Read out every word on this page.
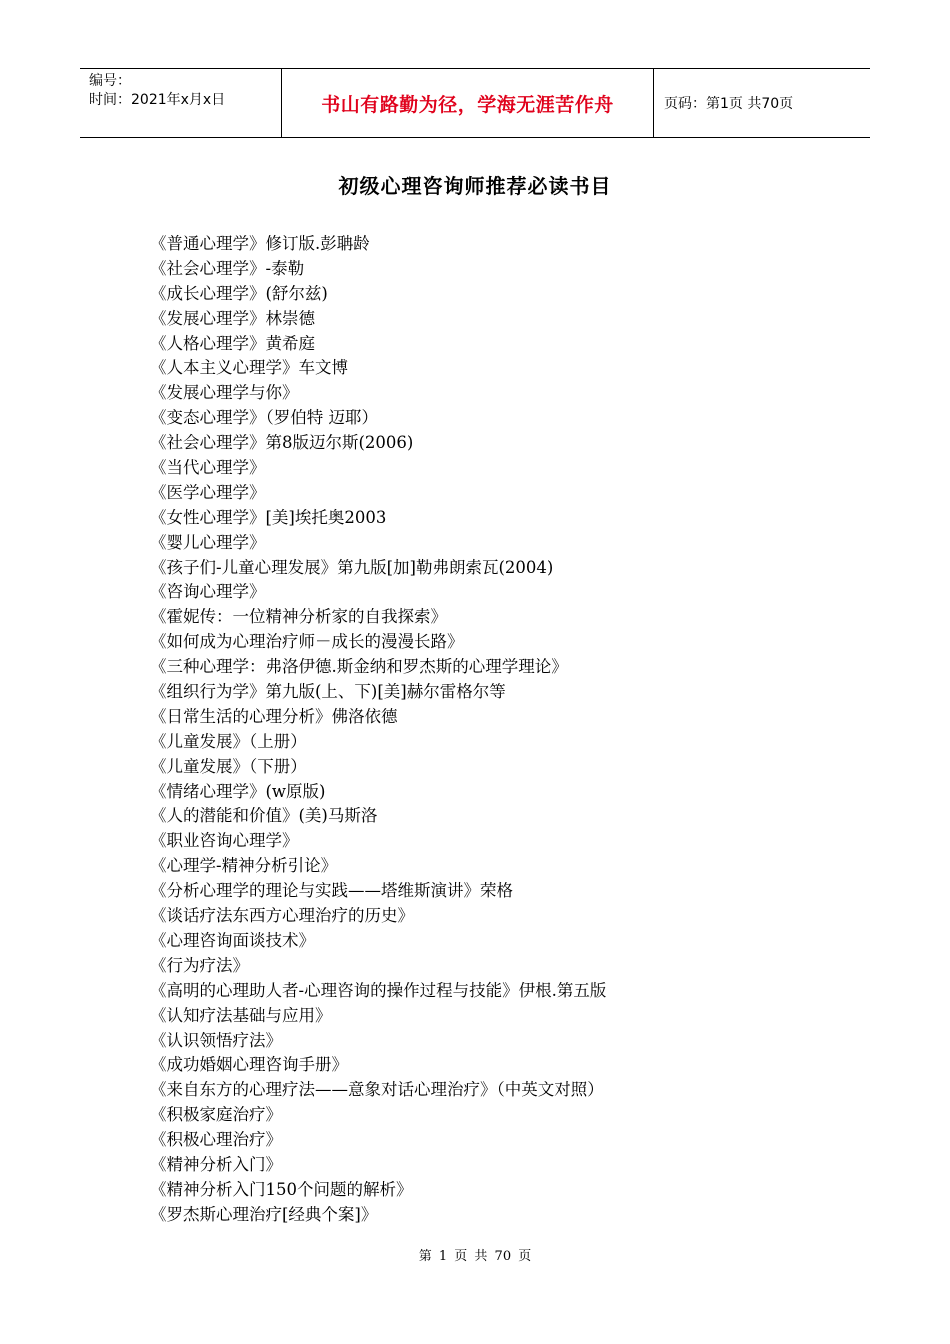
编号：
时间：2021年x月x日	书山有路勤为径，学海无涯苦作舟	页码：第1页 共70页
初级心理咨询师推荐必读书目
《普通心理学》修订版.彭聃龄
《社会心理学》-泰勒
《成长心理学》(舒尔兹)
《发展心理学》林崇德
《人格心理学》黄希庭
《人本主义心理学》车文博
《发展心理学与你》
《变态心理学》（罗伯特 迈耶）
《社会心理学》第8版迈尔斯(2006)
《当代心理学》
《医学心理学》
《女性心理学》[美]埃托奥2003
《婴儿心理学》
《孩子们-儿童心理发展》第九版[加]勒弗朗索瓦(2004)
《咨询心理学》
《霍妮传：一位精神分析家的自我探索》
《如何成为心理治疗师－成长的漫漫长路》
《三种心理学：弗洛伊德.斯金纳和罗杰斯的心理学理论》
《组织行为学》第九版(上、下)[美]赫尔雷格尔等
《日常生活的心理分析》佛洛依德
《儿童发展》（上册）
《儿童发展》（下册）
《情绪心理学》(w原版)
《人的潜能和价值》(美)马斯洛
《职业咨询心理学》
《心理学-精神分析引论》
《分析心理学的理论与实践——塔维斯演讲》荣格
《谈话疗法东西方心理治疗的历史》
《心理咨询面谈技术》
《行为疗法》
《高明的心理助人者-心理咨询的操作过程与技能》伊根.第五版
《认知疗法基础与应用》
《认识领悟疗法》
《成功婚姻心理咨询手册》
《来自东方的心理疗法——意象对话心理治疗》（中英文对照）
《积极家庭治疗》
《积极心理治疗》
《精神分析入门》
《精神分析入门150个问题的解析》
《罗杰斯心理治疗[经典个案]》
第 1 页 共 70 页
